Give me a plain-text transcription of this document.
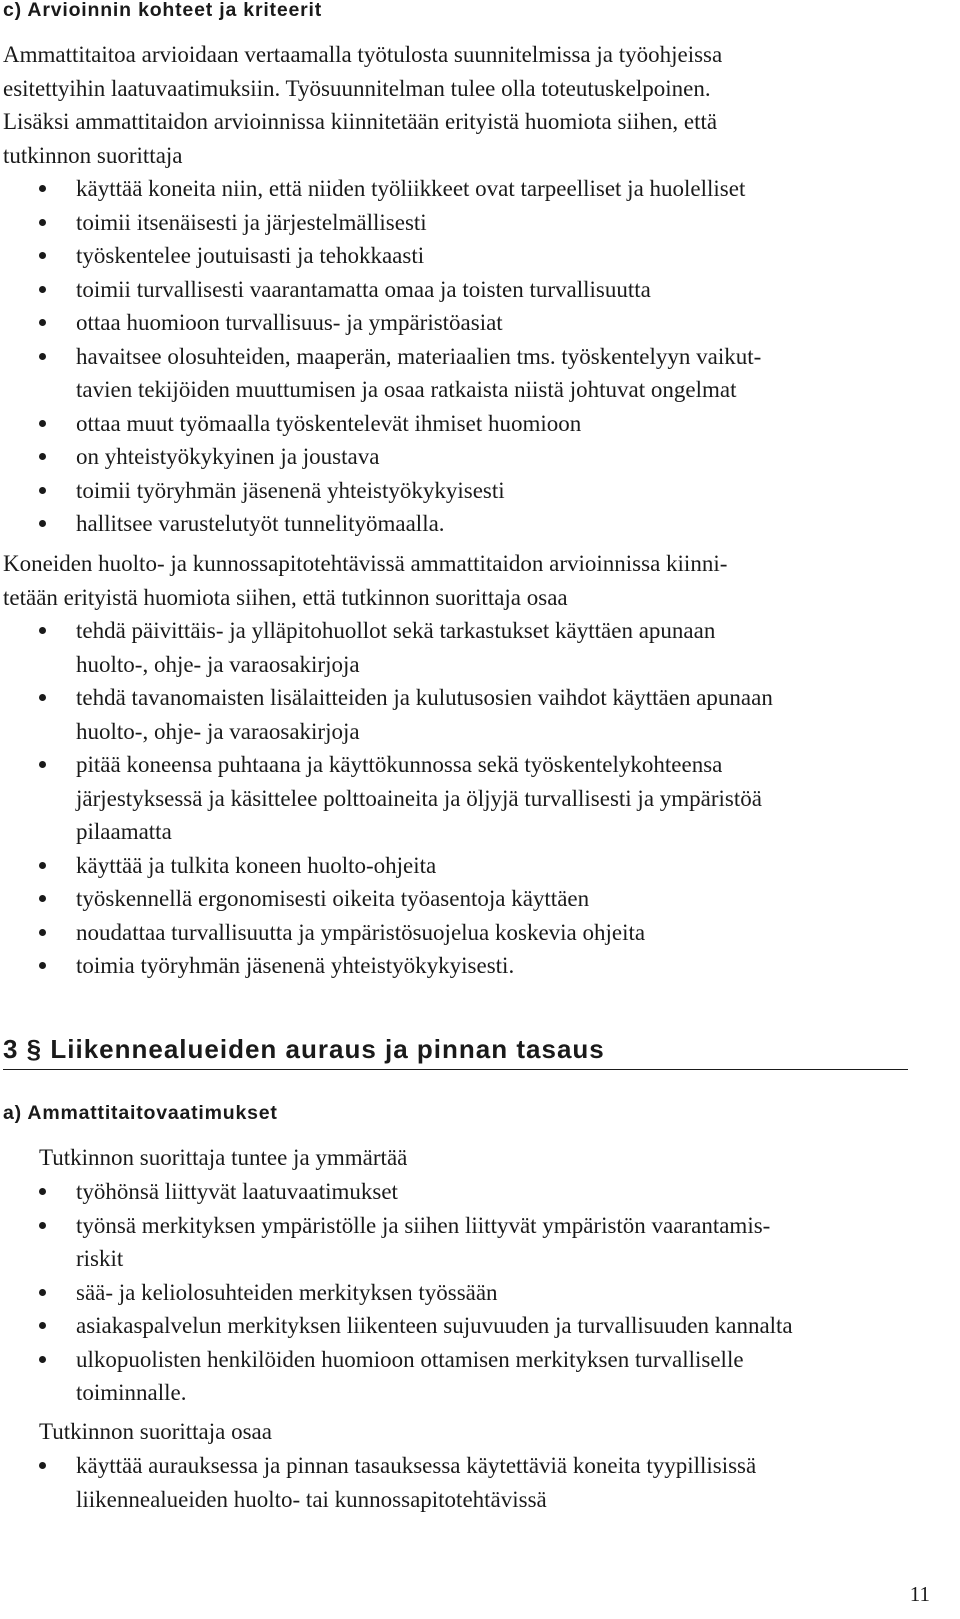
c) Arvioinnin kohteet ja kriteerit
Ammattitaitoa arvioidaan vertaamalla työtulosta suunnitelmissa ja työohjeissa
esitettyihin laatuvaatimuksiin. Työsuunnitelman tulee olla toteutuskelpoinen.
Lisäksi ammattitaidon arvioinnissa kiinnitetään erityistä huomiota siihen, että
tutkinnon suorittaja
käyttää koneita niin, että niiden työliikkeet ovat tarpeelliset ja huolelliset
toimii itsenäisesti ja järjestelmällisesti
työskentelee joutuisasti ja tehokkaasti
toimii turvallisesti vaarantamatta omaa ja toisten turvallisuutta
ottaa huomioon turvallisuus- ja ympäristöasiat
havaitsee olosuhteiden, maaperän, materiaalien tms. työskentelyyn vaikut-
tavien tekijöiden muuttumisen ja osaa ratkaista niistä johtuvat ongelmat
ottaa muut työmaalla työskentelevät ihmiset huomioon
on yhteistyökykyinen ja joustava
toimii työryhmän jäsenenä yhteistyökykyisesti
hallitsee varustelutyöt tunnelityömaalla.
Koneiden huolto- ja kunnossapitotehtävissä ammattitaidon arvioinnissa kiinni-
tetään erityistä huomiota siihen, että tutkinnon suorittaja osaa
tehdä päivittäis- ja ylläpitohuollot sekä tarkastukset käyttäen apunaan
huolto-, ohje- ja varaosakirjoja
tehdä tavanomaisten lisälaitteiden ja kulutusosien vaihdot käyttäen apunaan
huolto-, ohje- ja varaosakirjoja
pitää koneensa puhtaana ja käyttökunnossa sekä työskentelykohteensa
järjestyksessä ja käsittelee polttoaineita ja öljyjä turvallisesti ja ympäristöä
pilaamatta
käyttää ja tulkita koneen huolto-ohjeita
työskennellä ergonomisesti oikeita työasentoja käyttäen
noudattaa turvallisuutta ja ympäristösuojelua koskevia ohjeita
toimia työryhmän jäsenenä yhteistyökykyisesti.
3 § Liikennealueiden auraus ja pinnan tasaus
a) Ammattitaitovaatimukset
Tutkinnon suorittaja tuntee ja ymmärtää
työhönsä liittyvät laatuvaatimukset
työnsä merkityksen ympäristölle ja siihen liittyvät ympäristön vaarantamis-
riskit
sää- ja keliolosuhteiden merkityksen työssään
asiakaspalvelun merkityksen liikenteen sujuvuuden ja turvallisuuden kannalta
ulkopuolisten henkilöiden huomioon ottamisen merkityksen turvalliselle
toiminnalle.
Tutkinnon suorittaja osaa
käyttää aurauksessa ja pinnan tasauksessa käytettäviä koneita tyypillisissä
liikennealueiden huolto- tai kunnossapitotehtävissä
11
